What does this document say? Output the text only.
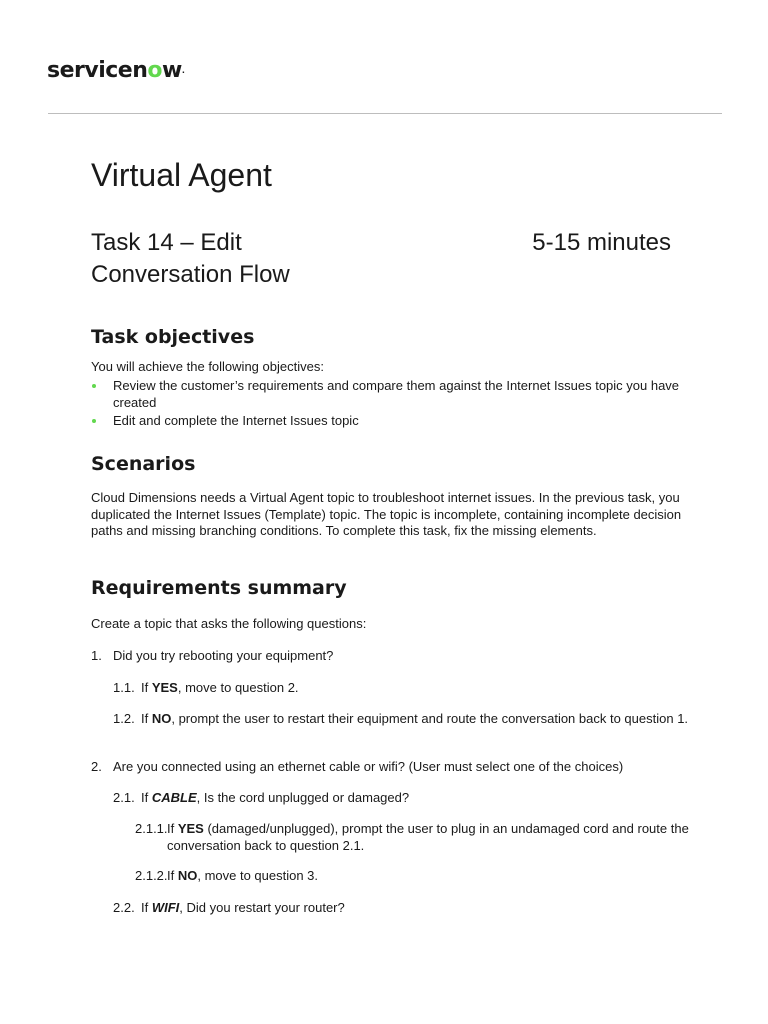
servicenow.
Virtual Agent
Task 14 – Edit Conversation Flow
5-15 minutes
Task objectives

You will achieve the following objectives:

Review the customer’s requirements and compare them against the Internet Issues topic you have created
Edit and complete the Internet Issues topic
Scenarios

Cloud Dimensions needs a Virtual Agent topic to troubleshoot internet issues. In the previous task, you duplicated the Internet Issues (Template) topic. The topic is incomplete, containing incomplete decision paths and missing branching conditions. To complete this task, fix the missing elements.

Requirements summary

Create a topic that asks the following questions:

1. Did you try rebooting your equipment?
1.1. If YES, move to question 2.
1.2. If NO, prompt the user to restart their equipment and route the conversation back to question 1.
2. Are you connected using an ethernet cable or wifi? (User must select one of the choices)
2.1. If CABLE, Is the cord unplugged or damaged?
2.1.1. If YES (damaged/unplugged), prompt the user to plug in an undamaged cord and route the conversation back to question 2.1.
2.1.2. If NO, move to question 3.
2.2. If WIFI, Did you restart your router?
